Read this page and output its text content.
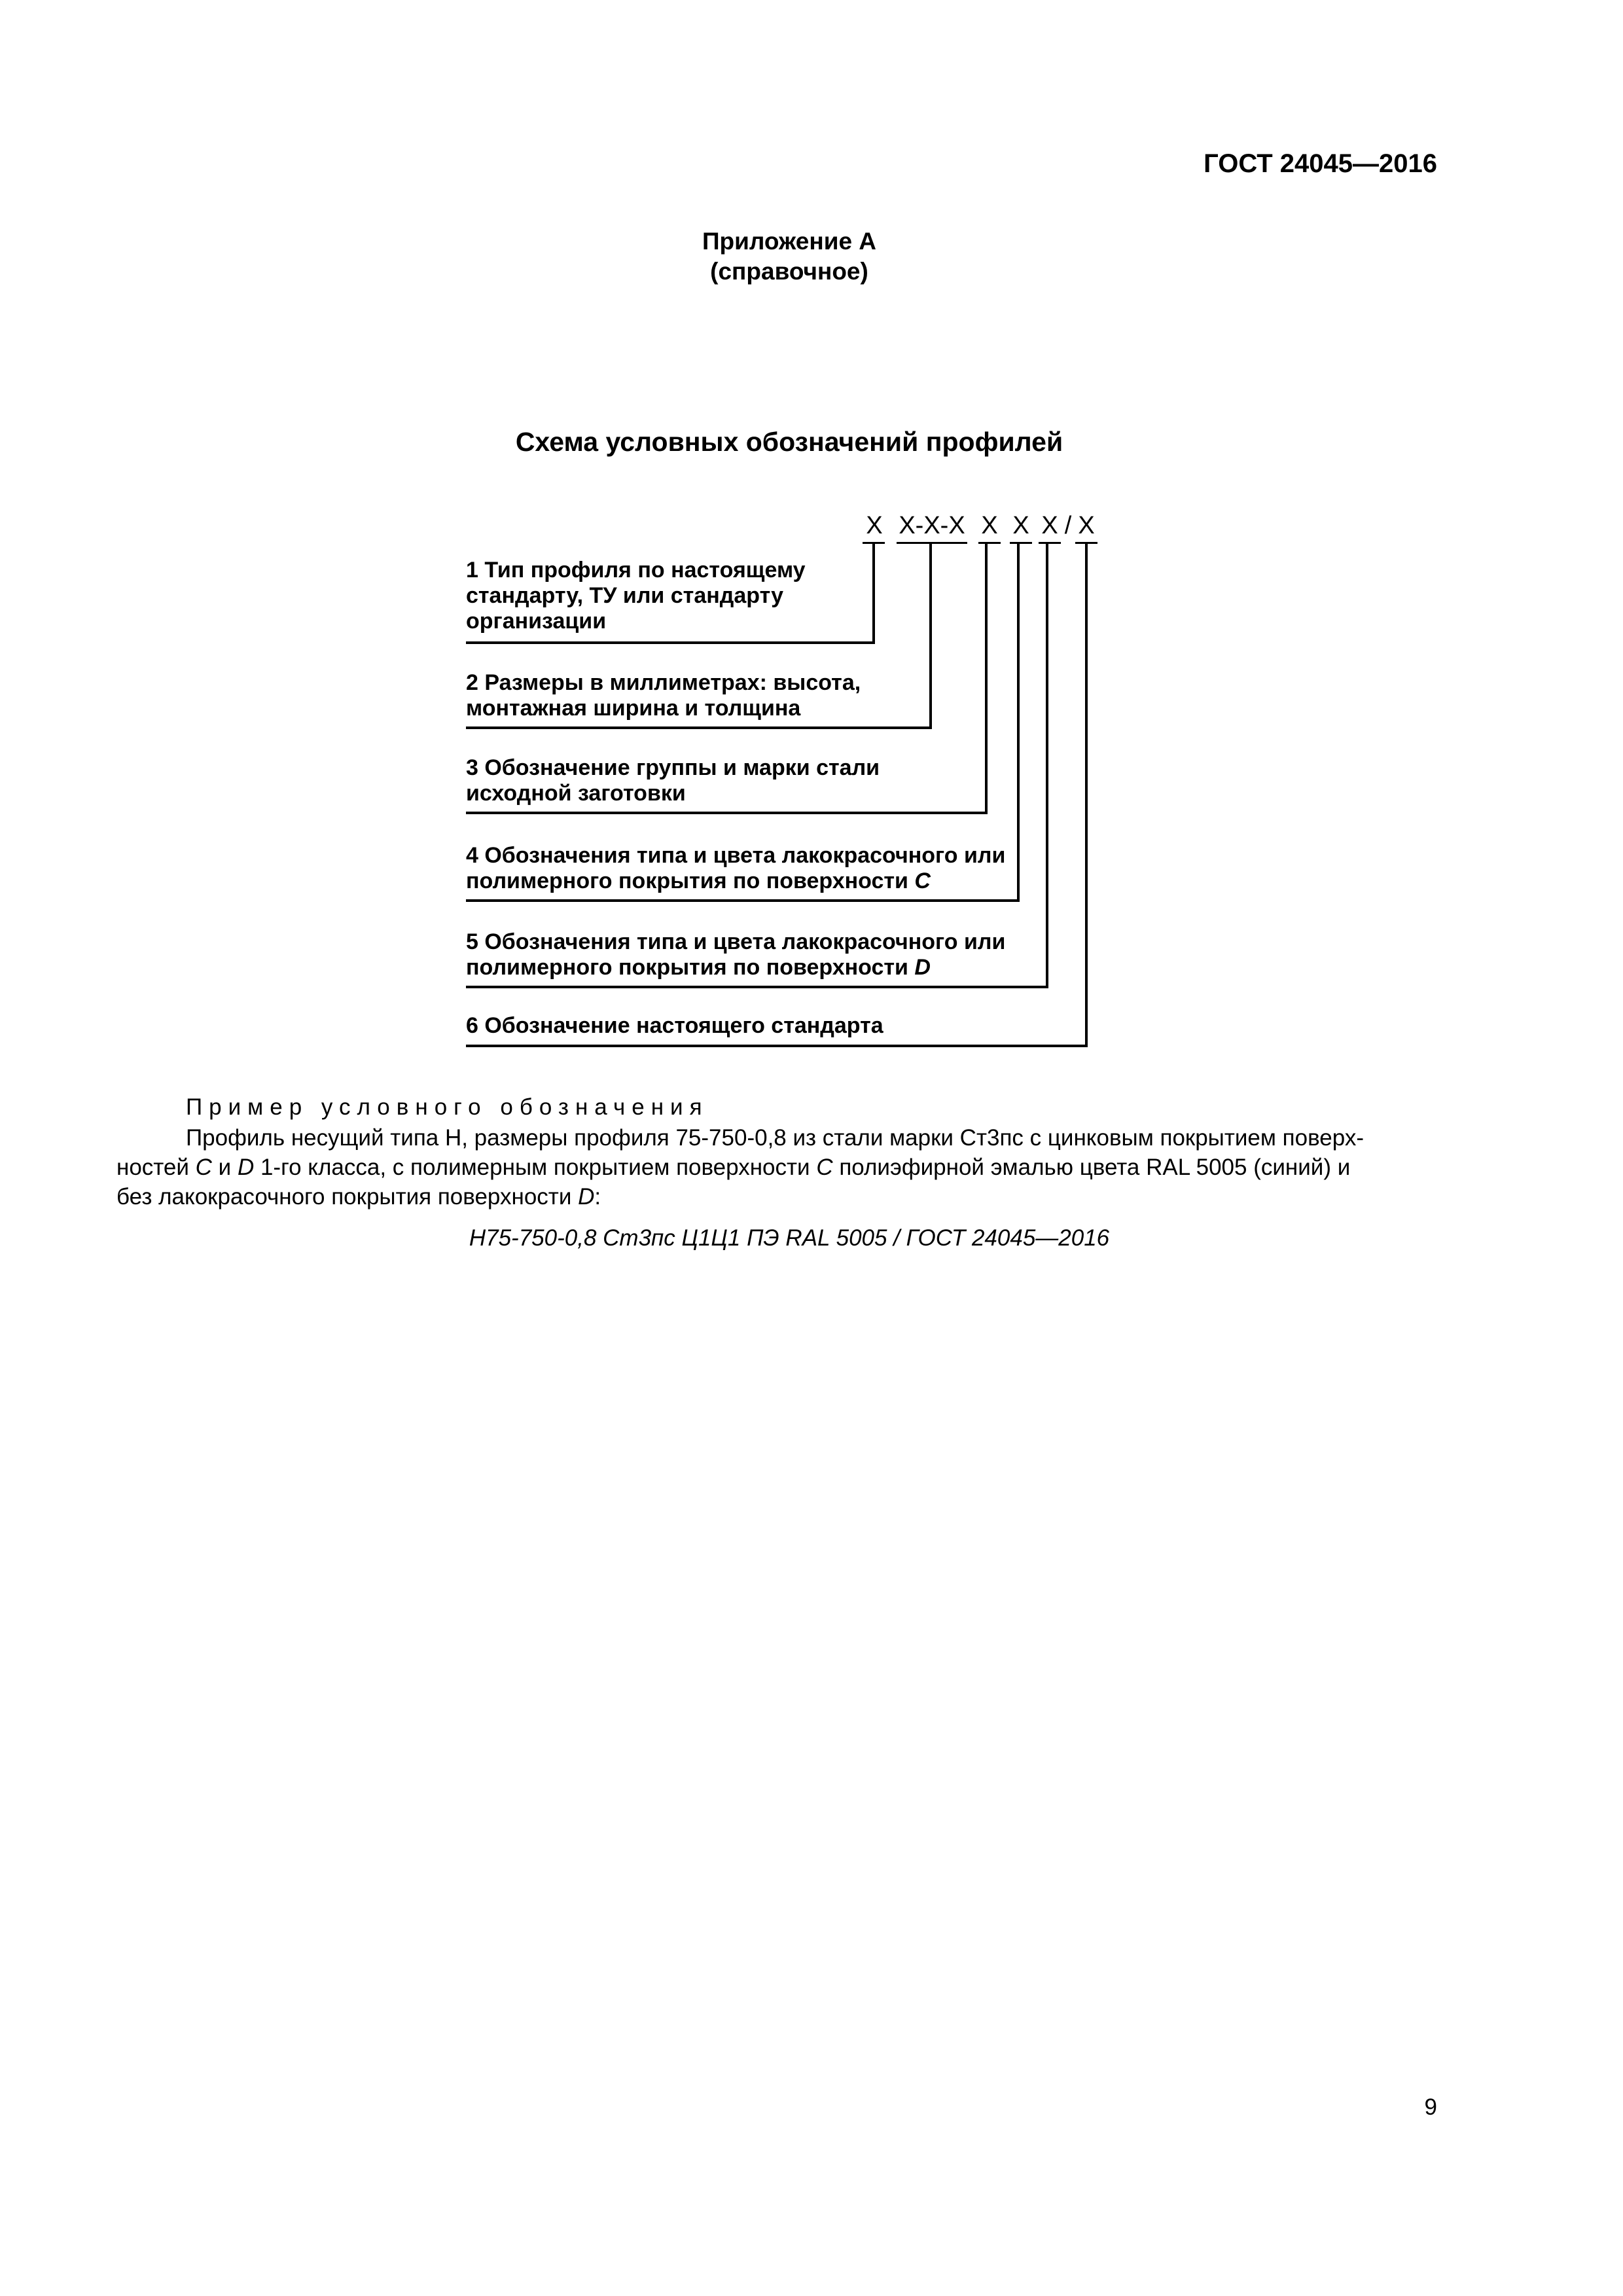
ГОСТ 24045—2016
Приложение А
(справочное)
Схема условных обозначений профилей
Х Х-Х-Х Х Х Х / Х
1 Тип профиля по настоящему стандарту, ТУ или стандарту организации
2 Размеры в миллиметрах: высота, монтажная ширина и толщина
3 Обозначение группы и марки стали исходной заготовки
4 Обозначения типа и цвета лакокрасочного или полимерного покрытия по поверхности С
5 Обозначения типа и цвета лакокрасочного или полимерного покрытия по поверхности D
6 Обозначение настоящего стандарта
Пример условного обозначения
Профиль несущий типа Н, размеры профиля 75-750-0,8 из стали марки Ст3пс с цинковым покрытием поверх-
ностей С и D 1-го класса, с полимерным покрытием поверхности С полиэфирной эмалью цвета RAL 5005 (синий) и
без лакокрасочного покрытия поверхности D:
Н75-750-0,8 Ст3пс Ц1Ц1 ПЭ RAL 5005 / ГОСТ 24045—2016
9
